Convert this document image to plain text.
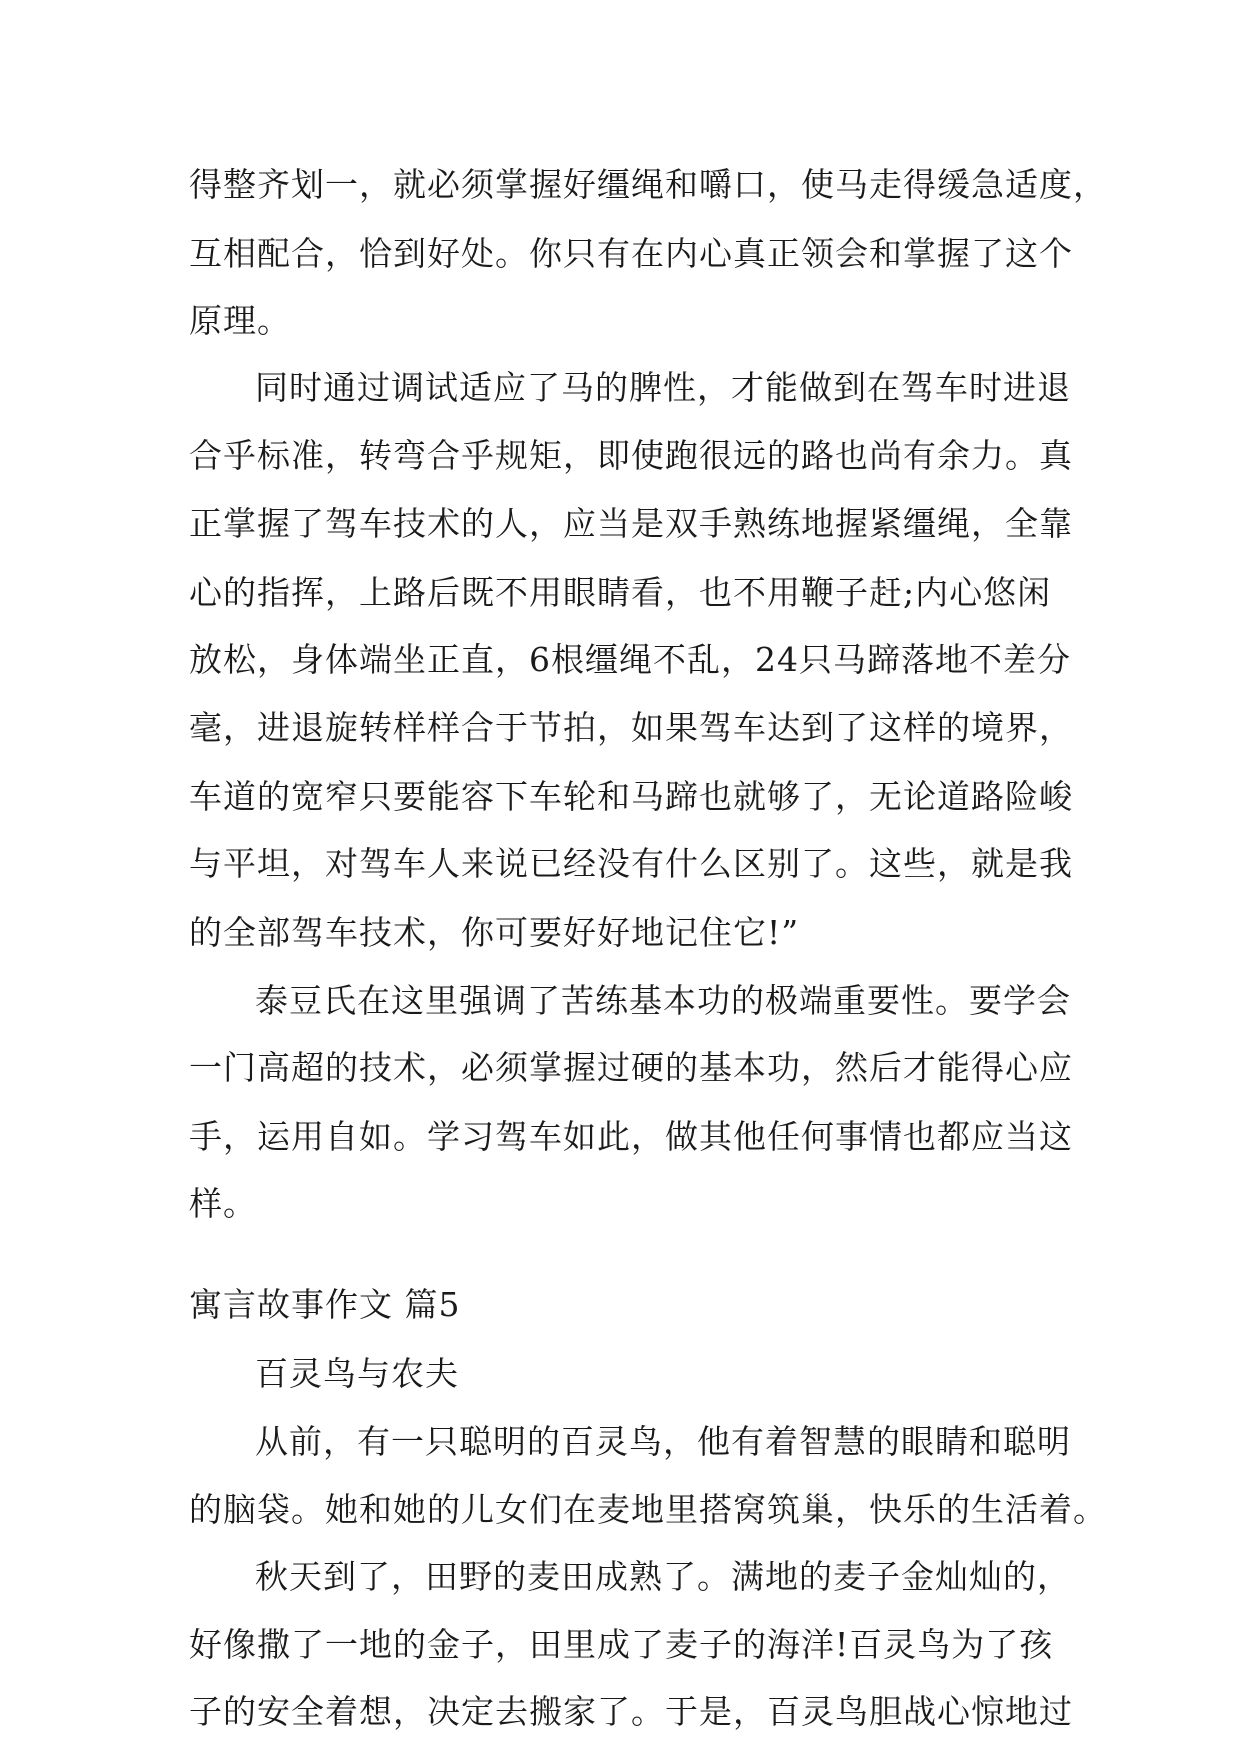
得整齐划一，就必须掌握好缰绳和嚼口，使马走得缓急适度，
互相配合，恰到好处。你只有在内心真正领会和掌握了这个
原理。
同时通过调试适应了马的脾性，才能做到在驾车时进退
合乎标准，转弯合乎规矩，即使跑很远的路也尚有余力。真
正掌握了驾车技术的人，应当是双手熟练地握紧缰绳，全靠
心的指挥，上路后既不用眼睛看，也不用鞭子赶;内心悠闲
放松，身体端坐正直，6根缰绳不乱，24只马蹄落地不差分
毫，进退旋转样样合于节拍，如果驾车达到了这样的境界，
车道的宽窄只要能容下车轮和马蹄也就够了，无论道路险峻
与平坦，对驾车人来说已经没有什么区别了。这些，就是我
的全部驾车技术，你可要好好地记住它!”
泰豆氏在这里强调了苦练基本功的极端重要性。要学会
一门高超的技术，必须掌握过硬的基本功，然后才能得心应
手，运用自如。学习驾车如此，做其他任何事情也都应当这
样。
寓言故事作文 篇5
百灵鸟与农夫
从前，有一只聪明的百灵鸟，他有着智慧的眼睛和聪明
的脑袋。她和她的儿女们在麦地里搭窝筑巢，快乐的生活着。
秋天到了，田野的麦田成熟了。满地的麦子金灿灿的，
好像撒了一地的金子，田里成了麦子的海洋!百灵鸟为了孩
子的安全着想，决定去搬家了。于是，百灵鸟胆战心惊地过
